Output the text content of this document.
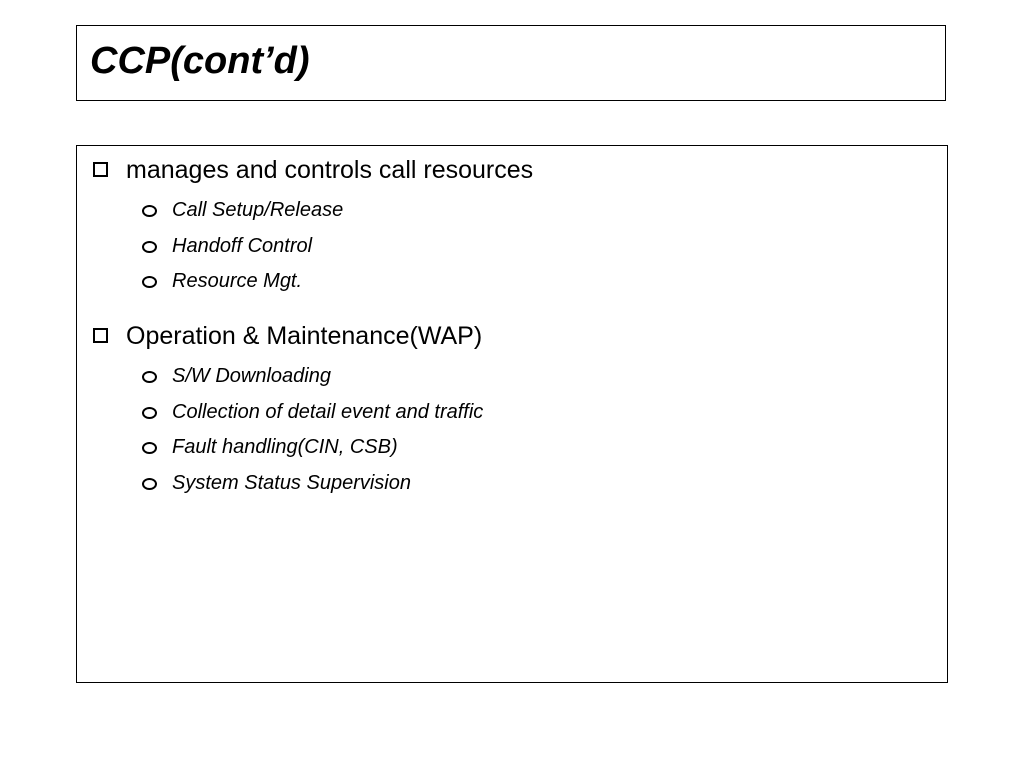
CCP(cont’d)
manages and controls call resources
Call Setup/Release
Handoff Control
Resource Mgt.
Operation & Maintenance(WAP)
S/W Downloading
Collection of detail event and traffic
Fault handling(CIN, CSB)
System Status Supervision
